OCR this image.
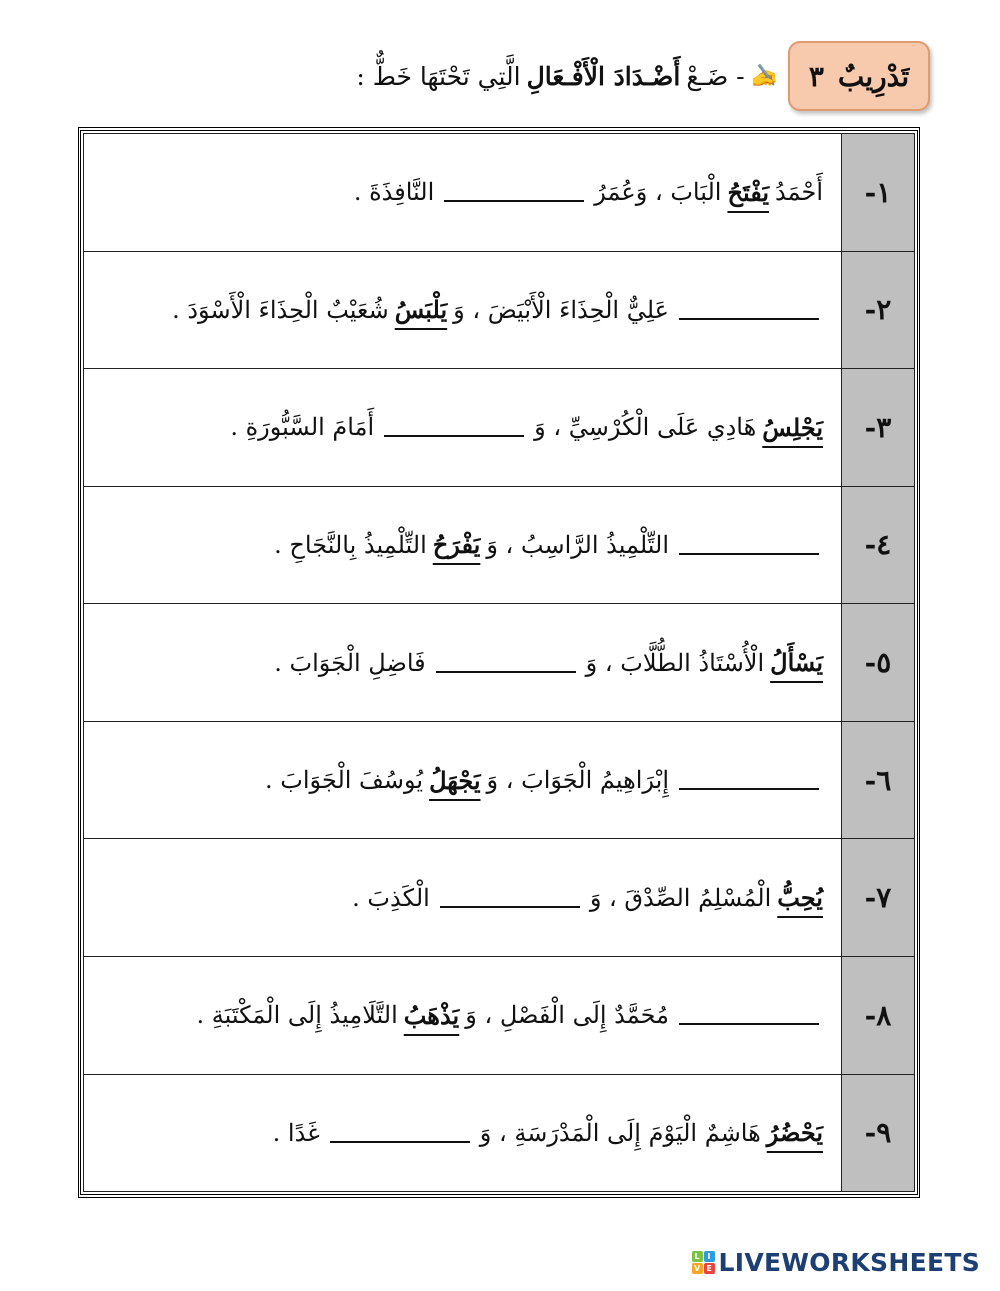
تَدْرِيبٌ
٣
✍
- ضَـعْ
أَضْـدَادَ الْأَفْـعَالِ
الَّتِي تَحْتَهَا خَطٌّ :
١-
أَحْمَدُ
يَفْتَحُ
الْبَابَ ، وَعُمَرُ
النَّافِذَةَ .
٢-
عَلِيٌّ الْحِذَاءَ الْأَبْيَضَ ، وَ
يَلْبَسُ
شُعَيْبٌ الْحِذَاءَ الْأَسْوَدَ .
٣-
يَجْلِسُ
هَادِي عَلَى الْكُرْسِيِّ ، وَ
أَمَامَ السَّبُّورَةِ .
٤-
التِّلْمِيذُ الرَّاسِبُ ، وَ
يَفْرَحُ
التِّلْمِيذُ بِالنَّجَاحِ .
٥-
يَسْأَلُ
الْأُسْتَاذُ الطُّلَّابَ ، وَ
فَاضِلِ الْجَوَابَ .
٦-
إِبْرَاهِيمُ الْجَوَابَ ، وَ
يَجْهَلُ
يُوسُفَ الْجَوَابَ .
٧-
يُحِبُّ
الْمُسْلِمُ الصِّدْقَ ، وَ
الْكَذِبَ .
٨-
مُحَمَّدٌ إِلَى الْفَصْلِ ، وَ
يَذْهَبُ
التَّلَامِيذُ إِلَى الْمَكْتَبَةِ .
٩-
يَحْضُرُ
هَاشِمٌ الْيَوْمَ إِلَى الْمَدْرَسَةِ ، وَ
غَدًا .
L I
V E LIVEWORKSHEETS
